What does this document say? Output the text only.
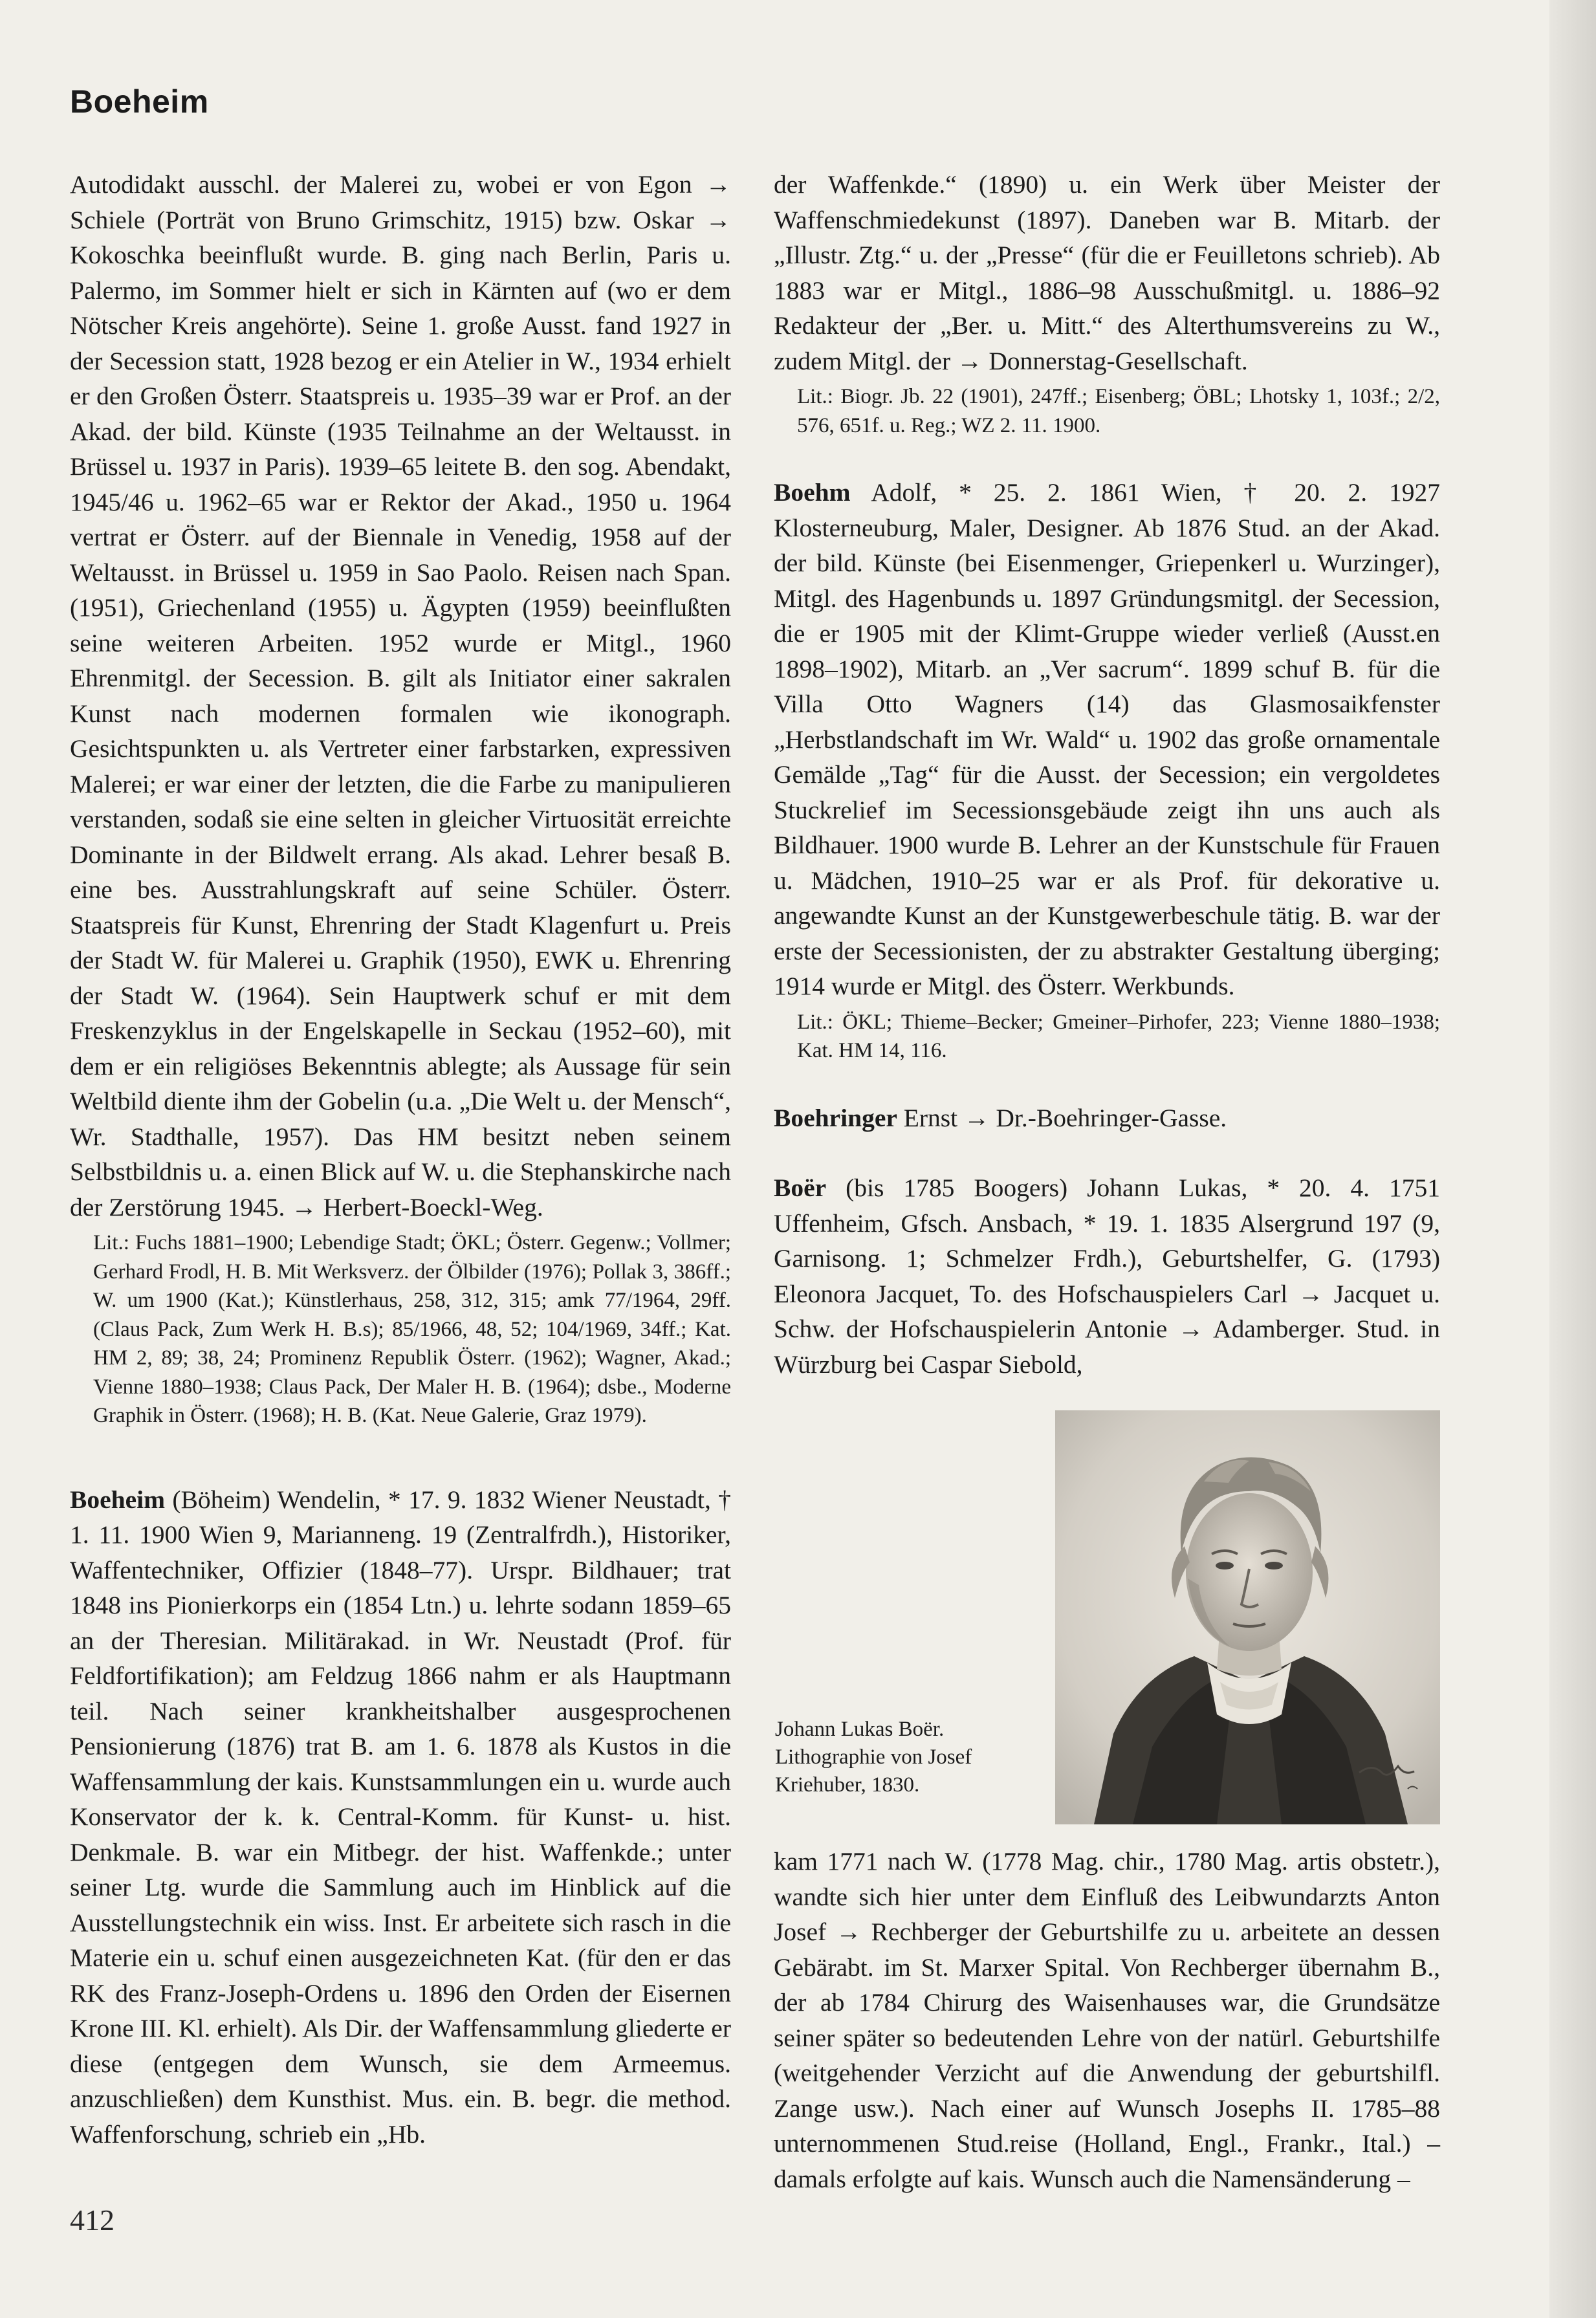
Boeheim

Autodidakt ausschl. der Malerei zu, wobei er von Egon → Schiele (Porträt von Bruno Grimschitz, 1915) bzw. Oskar → Kokoschka beeinflußt wurde. B. ging nach Berlin, Paris u. Palermo, im Sommer hielt er sich in Kärnten auf (wo er dem Nötscher Kreis angehörte). Seine 1. große Ausst. fand 1927 in der Secession statt, 1928 bezog er ein Atelier in W., 1934 erhielt er den Großen Österr. Staatspreis u. 1935–39 war er Prof. an der Akad. der bild. Künste (1935 Teilnahme an der Weltausst. in Brüssel u. 1937 in Paris). 1939–65 leitete B. den sog. Abendakt, 1945/46 u. 1962–65 war er Rektor der Akad., 1950 u. 1964 vertrat er Österr. auf der Biennale in Venedig, 1958 auf der Weltausst. in Brüssel u. 1959 in Sao Paolo. Reisen nach Span. (1951), Griechenland (1955) u. Ägypten (1959) beeinflußten seine weiteren Arbeiten. 1952 wurde er Mitgl., 1960 Ehrenmitgl. der Secession. B. gilt als Initiator einer sakralen Kunst nach modernen formalen wie ikonograph. Gesichtspunkten u. als Vertreter einer farbstarken, expressiven Malerei; er war einer der letzten, die die Farbe zu manipulieren verstanden, sodaß sie eine selten in gleicher Virtuosität erreichte Dominante in der Bildwelt errang. Als akad. Lehrer besaß B. eine bes. Ausstrahlungskraft auf seine Schüler. Österr. Staatspreis für Kunst, Ehrenring der Stadt Klagenfurt u. Preis der Stadt W. für Malerei u. Graphik (1950), EWK u. Ehrenring der Stadt W. (1964). Sein Hauptwerk schuf er mit dem Freskenzyklus in der Engelskapelle in Seckau (1952–60), mit dem er ein religiöses Bekenntnis ablegte; als Aussage für sein Weltbild diente ihm der Gobelin (u.a. „Die Welt u. der Mensch“, Wr. Stadthalle, 1957). Das HM besitzt neben seinem Selbstbildnis u. a. einen Blick auf W. u. die Stephanskirche nach der Zerstörung 1945. → Herbert-Boeckl-Weg.

Lit.: Fuchs 1881–1900; Lebendige Stadt; ÖKL; Österr. Gegenw.; Vollmer; Gerhard Frodl, H. B. Mit Werksverz. der Ölbilder (1976); Pollak 3, 386ff.; W. um 1900 (Kat.); Künstlerhaus, 258, 312, 315; amk 77/1964, 29ff. (Claus Pack, Zum Werk H. B.s); 85/1966, 48, 52; 104/1969, 34ff.; Kat. HM 2, 89; 38, 24; Prominenz Republik Österr. (1962); Wagner, Akad.; Vienne 1880–1938; Claus Pack, Der Maler H. B. (1964); dsbe., Moderne Graphik in Österr. (1968); H. B. (Kat. Neue Galerie, Graz 1979).

Boeheim (Böheim) Wendelin, * 17. 9. 1832 Wiener Neustadt, † 1. 11. 1900 Wien 9, Marianneng. 19 (Zentralfrdh.), Historiker, Waffentechniker, Offizier (1848–77). Urspr. Bildhauer; trat 1848 ins Pionierkorps ein (1854 Ltn.) u. lehrte sodann 1859–65 an der Theresian. Militärakad. in Wr. Neustadt (Prof. für Feldfortifikation); am Feldzug 1866 nahm er als Hauptmann teil. Nach seiner krankheitshalber ausgesprochenen Pensionierung (1876) trat B. am 1. 6. 1878 als Kustos in die Waffensammlung der kais. Kunstsammlungen ein u. wurde auch Konservator der k. k. Central-Komm. für Kunst- u. hist. Denkmale. B. war ein Mitbegr. der hist. Waffenkde.; unter seiner Ltg. wurde die Sammlung auch im Hinblick auf die Ausstellungstechnik ein wiss. Inst. Er arbeitete sich rasch in die Materie ein u. schuf einen ausgezeichneten Kat. (für den er das RK des Franz-Joseph-Ordens u. 1896 den Orden der Eisernen Krone III. Kl. erhielt). Als Dir. der Waffensammlung gliederte er diese (entgegen dem Wunsch, sie dem Armeemus. anzuschließen) dem Kunsthist. Mus. ein. B. begr. die method. Waffenforschung, schrieb ein „Hb.

der Waffenkde.“ (1890) u. ein Werk über Meister der Waffenschmiedekunst (1897). Daneben war B. Mitarb. der „Illustr. Ztg.“ u. der „Presse“ (für die er Feuilletons schrieb). Ab 1883 war er Mitgl., 1886–98 Ausschußmitgl. u. 1886–92 Redakteur der „Ber. u. Mitt.“ des Alterthumsvereins zu W., zudem Mitgl. der → Donnerstag-Gesellschaft.

Lit.: Biogr. Jb. 22 (1901), 247ff.; Eisenberg; ÖBL; Lhotsky 1, 103f.; 2/2, 576, 651f. u. Reg.; WZ 2. 11. 1900.

Boehm Adolf, * 25. 2. 1861 Wien, † 20. 2. 1927 Klosterneuburg, Maler, Designer. Ab 1876 Stud. an der Akad. der bild. Künste (bei Eisenmenger, Griepenkerl u. Wurzinger), Mitgl. des Hagenbunds u. 1897 Gründungsmitgl. der Secession, die er 1905 mit der Klimt-Gruppe wieder verließ (Ausst.en 1898–1902), Mitarb. an „Ver sacrum“. 1899 schuf B. für die Villa Otto Wagners (14) das Glasmosaikfenster „Herbstlandschaft im Wr. Wald“ u. 1902 das große ornamentale Gemälde „Tag“ für die Ausst. der Secession; ein vergoldetes Stuckrelief im Secessionsgebäude zeigt ihn uns auch als Bildhauer. 1900 wurde B. Lehrer an der Kunstschule für Frauen u. Mädchen, 1910–25 war er als Prof. für dekorative u. angewandte Kunst an der Kunstgewerbeschule tätig. B. war der erste der Secessionisten, der zu abstrakter Gestaltung überging; 1914 wurde er Mitgl. des Österr. Werkbunds.

Lit.: ÖKL; Thieme–Becker; Gmeiner–Pirhofer, 223; Vienne 1880–1938; Kat. HM 14, 116.

Boehringer Ernst → Dr.-Boehringer-Gasse.

Boër (bis 1785 Boogers) Johann Lukas, * 20. 4. 1751 Uffenheim, Gfsch. Ansbach, * 19. 1. 1835 Alsergrund 197 (9, Garnisong. 1; Schmelzer Frdh.), Geburtshelfer, G. (1793) Eleonora Jacquet, To. des Hofschauspielers Carl → Jacquet u. Schw. der Hofschauspielerin Antonie → Adamberger. Stud. in Würzburg bei Caspar Siebold,

Johann Lukas Boër. Lithographie von Josef Kriehuber, 1830.

kam 1771 nach W. (1778 Mag. chir., 1780 Mag. artis obstetr.), wandte sich hier unter dem Einfluß des Leibwundarzts Anton Josef → Rechberger der Geburtshilfe zu u. arbeitete an dessen Gebärabt. im St. Marxer Spital. Von Rechberger übernahm B., der ab 1784 Chirurg des Waisenhauses war, die Grundsätze seiner später so bedeutenden Lehre von der natürl. Geburtshilfe (weitgehender Verzicht auf die Anwendung der geburtshilfl. Zange usw.). Nach einer auf Wunsch Josephs II. 1785–88 unternommenen Stud.reise (Holland, Engl., Frankr., Ital.) – damals erfolgte auf kais. Wunsch auch die Namensänderung –

412
